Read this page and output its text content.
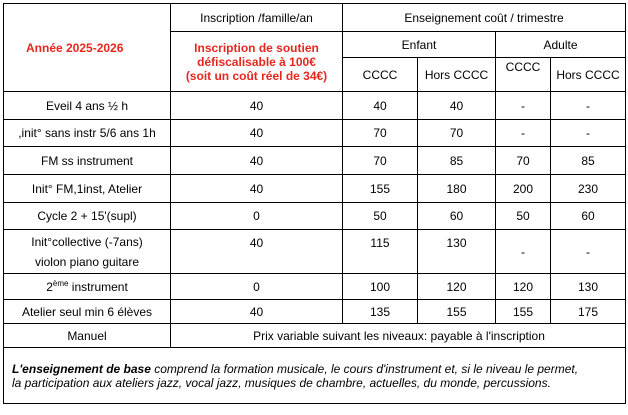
Année 2025-2026	Inscription /famille/an	Enseignement coût / trimestre			
	Inscription de soutien
défiscalisable à 100€
(soit un coût réel de 34€)	Enfant		Adulte	
		CCCC	Hors CCCC	CCCC	Hors CCCC
Eveil 4 ans ½ h	40	40	40	-	-
,init° sans instr 5/6 ans 1h	40	70	70	-	-
FM ss instrument	40	70	85	70	85
Init° FM,1inst, Atelier	40	155	180	200	230
Cycle 2 + 15'(supl)	0	50	60	50	60
Init°collective (-7ans)
violon piano guitare	40	115	130	-	-
2ème instrument	0	100	120	120	130
Atelier seul min 6 élèves	40	135	155	155	175
Manuel	Prix variable suivant les niveaux: payable à l'inscription				
L'enseignement de base comprend la formation musicale, le cours d'instrument et, si le niveau le permet,
la participation aux ateliers jazz, vocal jazz, musiques de chambre, actuelles, du monde, percussions.					
